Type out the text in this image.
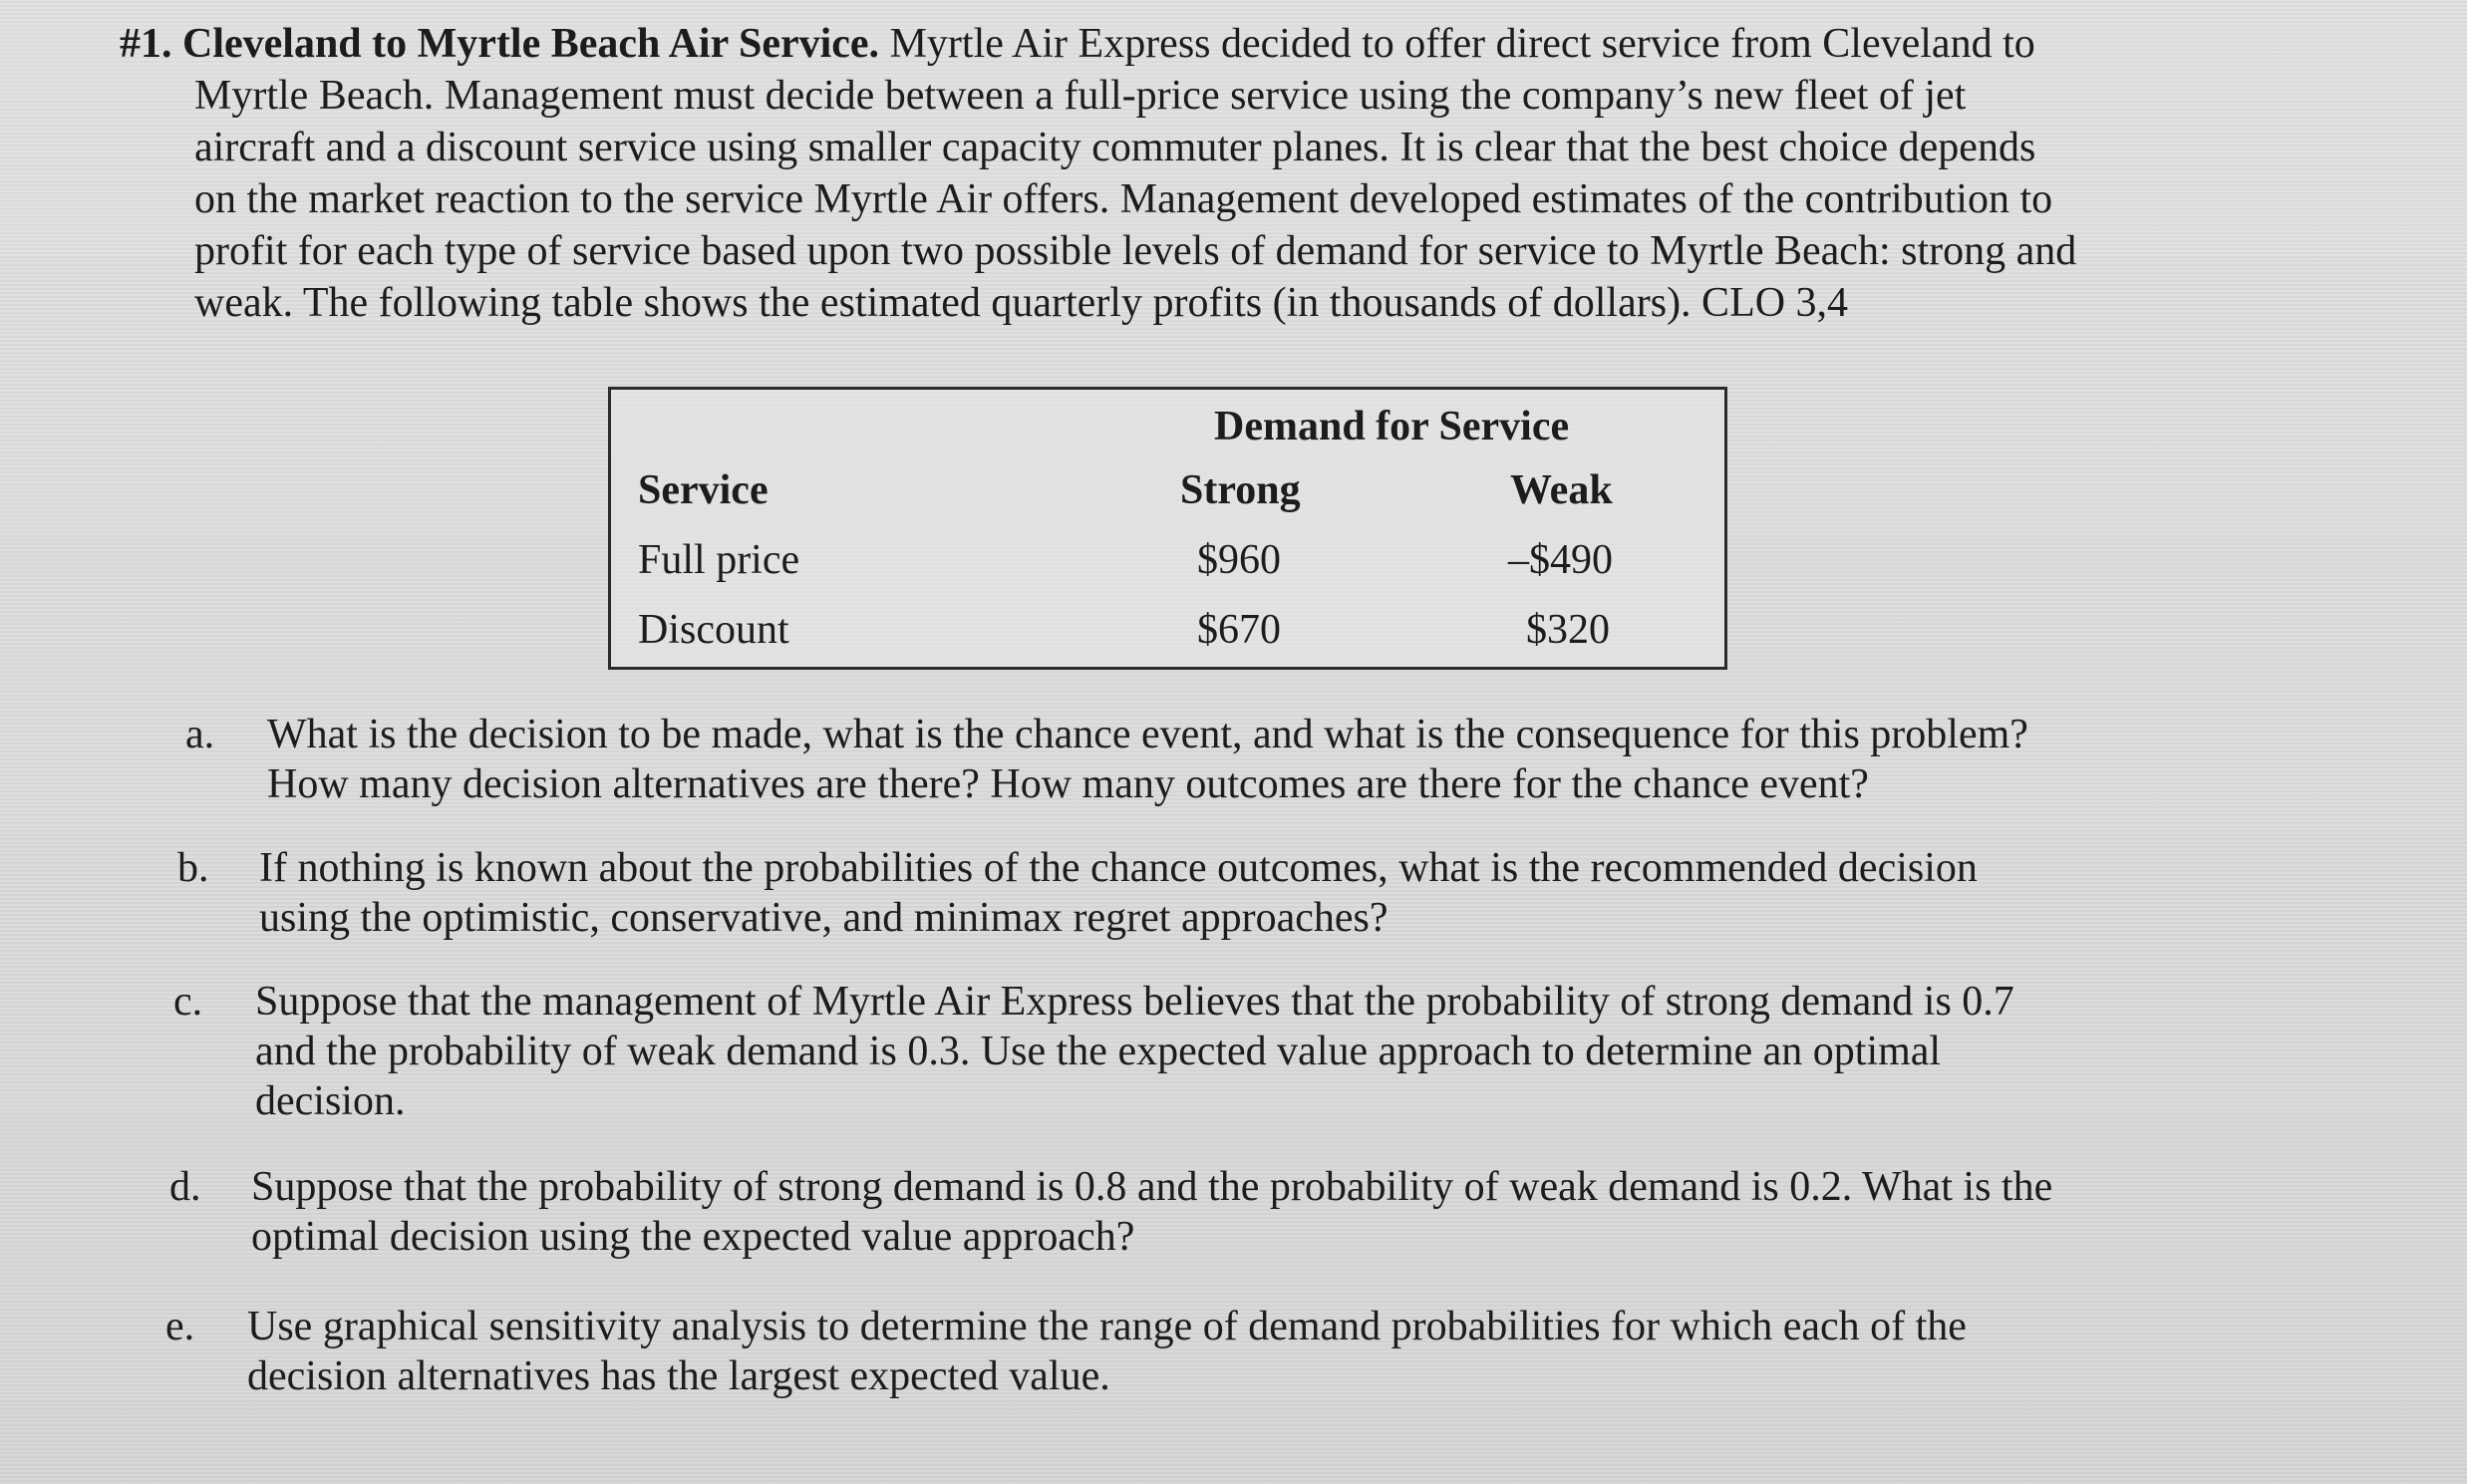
#1. Cleveland to Myrtle Beach Air Service. Myrtle Air Express decided to offer direct service from Cleveland to
Myrtle Beach. Management must decide between a full-price service using the company’s new fleet of jet
aircraft and a discount service using smaller capacity commuter planes. It is clear that the best choice depends
on the market reaction to the service Myrtle Air offers. Management developed estimates of the contribution to
profit for each type of service based upon two possible levels of demand for service to Myrtle Beach: strong and
weak. The following table shows the estimated quarterly profits (in thousands of dollars). CLO 3,4
Demand for Service
Service	Strong	Weak
Full price	$960	–$490
Discount	$670	$320
a. What is the decision to be made, what is the chance event, and what is the consequence for this problem?
How many decision alternatives are there? How many outcomes are there for the chance event?
b. If nothing is known about the probabilities of the chance outcomes, what is the recommended decision
using the optimistic, conservative, and minimax regret approaches?
c. Suppose that the management of Myrtle Air Express believes that the probability of strong demand is 0.7
and the probability of weak demand is 0.3. Use the expected value approach to determine an optimal
decision.
d. Suppose that the probability of strong demand is 0.8 and the probability of weak demand is 0.2. What is the
optimal decision using the expected value approach?
e. Use graphical sensitivity analysis to determine the range of demand probabilities for which each of the
decision alternatives has the largest expected value.
